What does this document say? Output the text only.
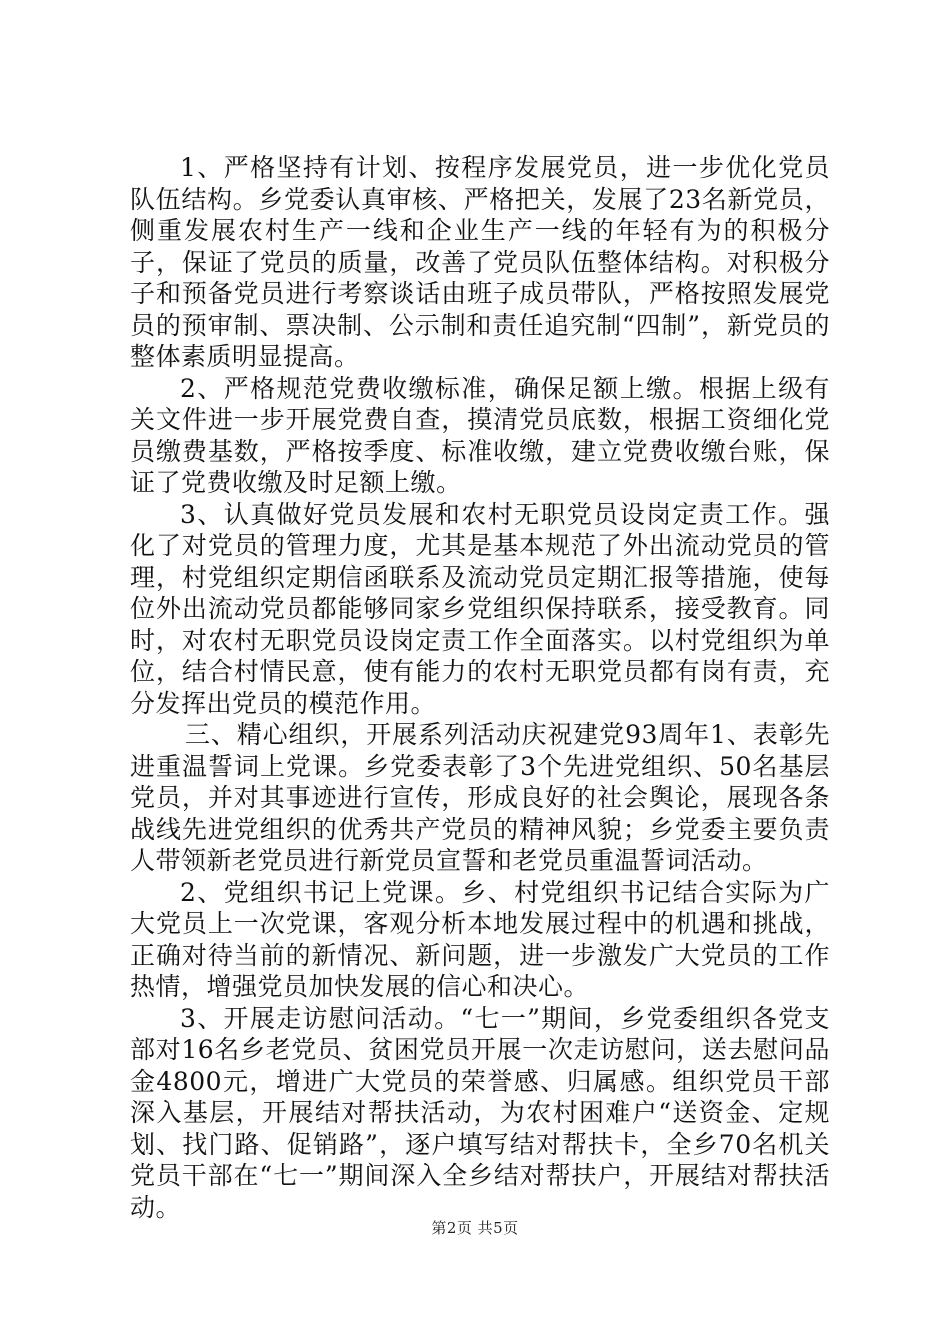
1、严格坚持有计划、按程序发展党员，进一步优化党员队伍结构。乡党委认真审核、严格把关，发展了23名新党员，侧重发展农村生产一线和企业生产一线的年轻有为的积极分子，保证了党员的质量，改善了党员队伍整体结构。对积极分子和预备党员进行考察谈话由班子成员带队，严格按照发展党员的预审制、票决制、公示制和责任追究制“四制”，新党员的整体素质明显提高。

2、严格规范党费收缴标准，确保足额上缴。根据上级有关文件进一步开展党费自查，摸清党员底数，根据工资细化党员缴费基数，严格按季度、标准收缴，建立党费收缴台账，保证了党费收缴及时足额上缴。

3、认真做好党员发展和农村无职党员设岗定责工作。强化了对党员的管理力度，尤其是基本规范了外出流动党员的管理，村党组织定期信函联系及流动党员定期汇报等措施，使每位外出流动党员都能够同家乡党组织保持联系，接受教育。同时，对农村无职党员设岗定责工作全面落实。以村党组织为单位，结合村情民意，使有能力的农村无职党员都有岗有责，充分发挥出党员的模范作用。

三、精心组织，开展系列活动庆祝建党93周年1、表彰先进重温誓词上党课。乡党委表彰了3个先进党组织、50名基层党员，并对其事迹进行宣传，形成良好的社会舆论，展现各条战线先进党组织的优秀共产党员的精神风貌；乡党委主要负责人带领新老党员进行新党员宣誓和老党员重温誓词活动。

2、党组织书记上党课。乡、村党组织书记结合实际为广大党员上一次党课，客观分析本地发展过程中的机遇和挑战，正确对待当前的新情况、新问题，进一步激发广大党员的工作热情，增强党员加快发展的信心和决心。

3、开展走访慰问活动。“七一”期间，乡党委组织各党支部对16名乡老党员、贫困党员开展一次走访慰问，送去慰问品金4800元，增进广大党员的荣誉感、归属感。组织党员干部深入基层，开展结对帮扶活动，为农村困难户“送资金、定规划、找门路、促销路”，逐户填写结对帮扶卡，全乡70名机关党员干部在“七一”期间深入全乡结对帮扶户，开展结对帮扶活动。

第2页 共5页
